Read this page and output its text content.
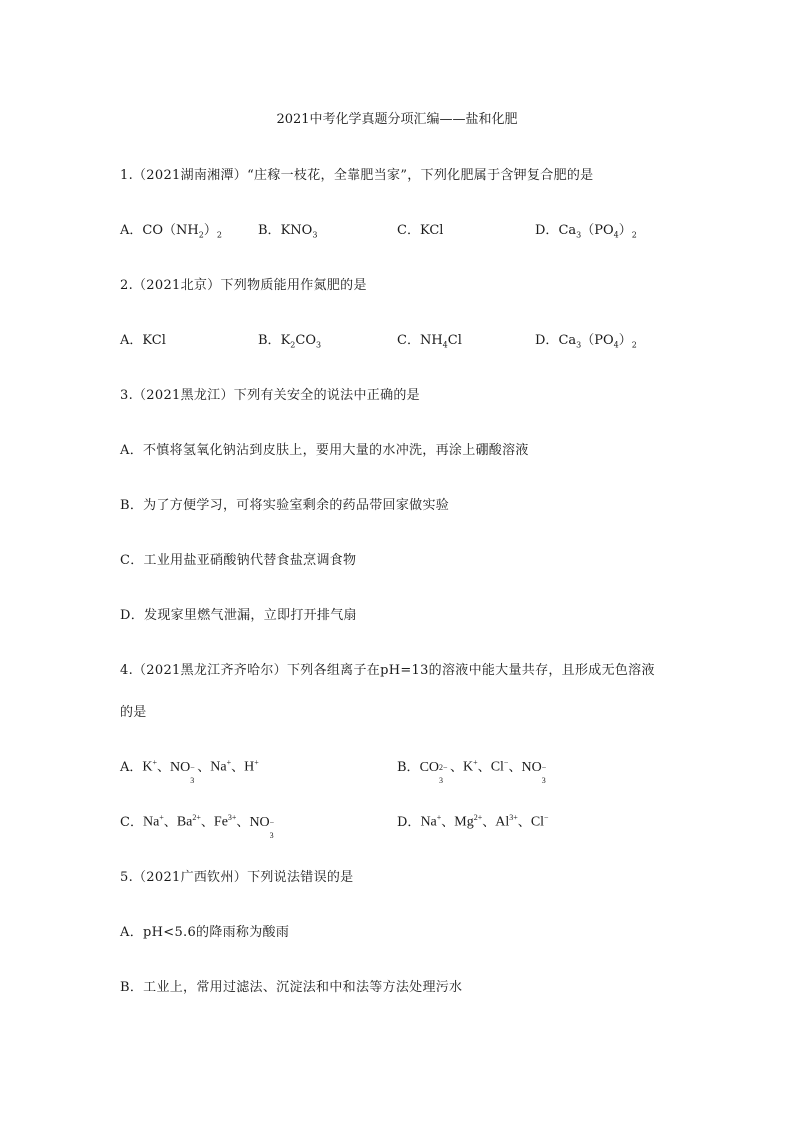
2021中考化学真题分项汇编——盐和化肥
1.（2021湖南湘潭）“庄稼一枝花，全靠肥当家”，下列化肥属于含钾复合肥的是
A．$CO(NH_2)_2$	B．$KNO_3$	C．KCl	D．$Ca_3(PO_4)_2$
2.（2021北京）下列物质能用作氮肥的是
A．KCl	B．$K_2CO_3$	C．$NH_4Cl$	D．$Ca_3(PO_4)_2$
3.（2021黑龙江）下列有关安全的说法中正确的是
A．不慎将氢氧化钠沾到皮肤上，要用大量的水冲洗，再涂上硼酸溶液
B．为了方便学习，可将实验室剩余的药品带回家做实验
C．工业用盐亚硝酸钠代替食盐烹调食物
D．发现家里燃气泄漏，立即打开排气扇
4.（2021黑龙江齐齐哈尔）下列各组离子在pH=13的溶液中能大量共存，且形成无色溶液
的是
A．K+、NO −
3
、Na+、H+	B．CO 2−
3
、K+、Cl−、NO −
3
C．Na+、$Ba^{2+}$、$Fe^{3+}$、NO −
3
D．Na+、$Mg^{2+}$、$Al^{3+}$、Cl−
5.（2021广西钦州）下列说法错误的是
A．pH<5.6的降雨称为酸雨
B．工业上，常用过滤法、沉淀法和中和法等方法处理污水
